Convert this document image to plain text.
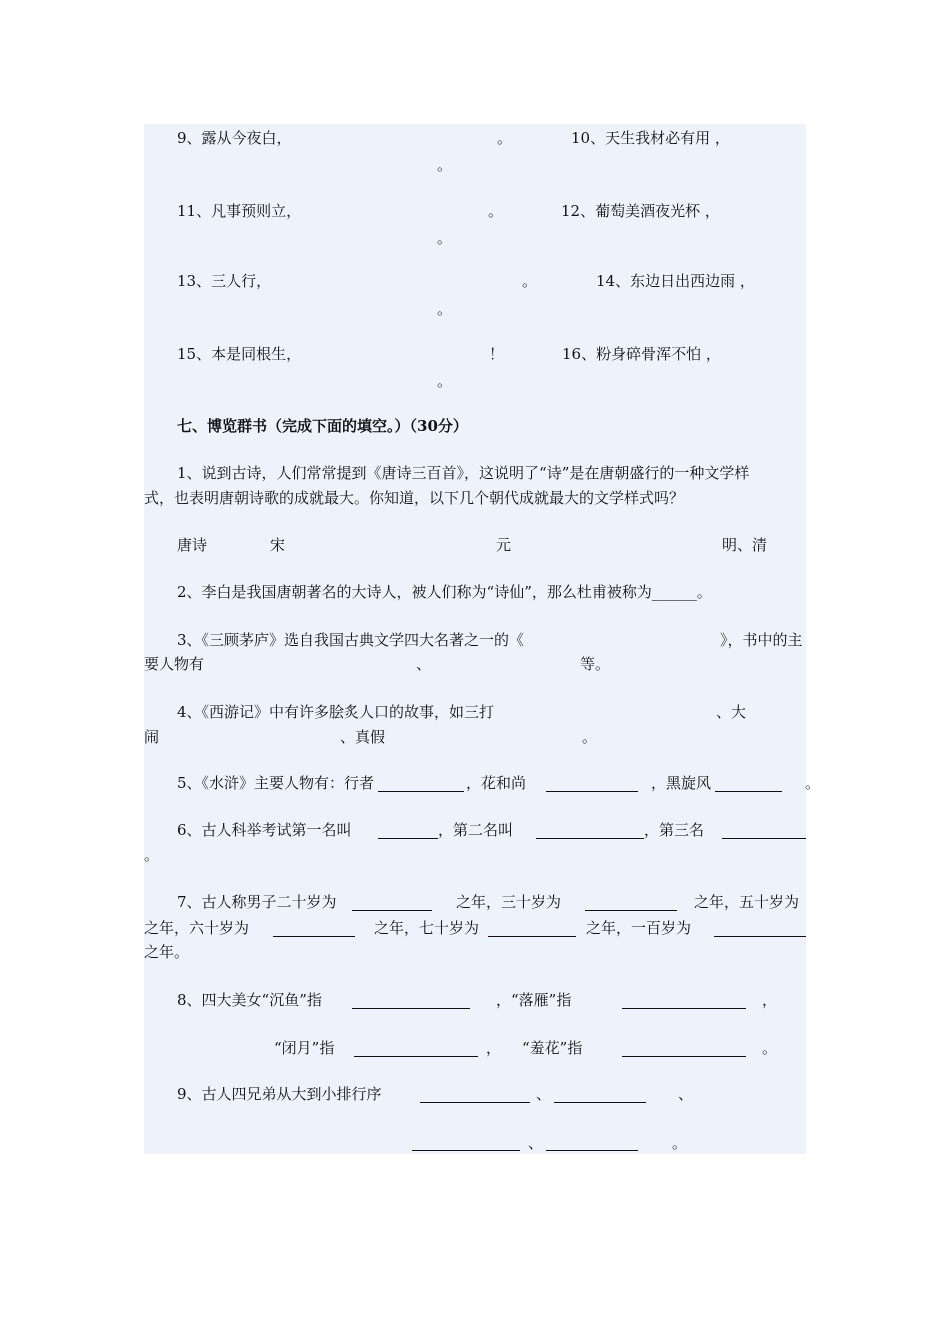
9、露从今夜白，	。	10、天生我材必有用 ，
。
11、凡事预则立，	。	12、葡萄美酒夜光杯 ，
。
13、三人行，	。	14、东边日出西边雨 ，
。
15、本是同根生，	！	16、粉身碎骨浑不怕 ，
。
七、博览群书（完成下面的填空。）（30分）
1、说到古诗，人们常常提到《唐诗三百首》，这说明了“诗”是在唐朝盛行的一种文学样
式，也表明唐朝诗歌的成就最大。你知道，以下几个朝代成就最大的文学样式吗？
唐诗	宋	元	明、清
2、李白是我国唐朝著名的大诗人，被人们称为“诗仙”，那么杜甫被称为______。
3、《三顾茅庐》选自我国古典文学四大名著之一的《	》，书中的主
要人物有	、	等。
4、《西游记》中有许多脍炙人口的故事，如三打	、大
闹	、真假	。
5、《水浒》主要人物有：行者	，花和尚	，黑旋风	。
6、古人科举考试第一名叫	，第二名叫	，第三名
。
7、古人称男子二十岁为	之年，三十岁为	之年，五十岁为
之年，六十岁为	之年，七十岁为	之年，一百岁为
之年。
8、四大美女“沉鱼”指	，“落雁”指	，
“闭月”指	， “羞花”指	。
9、古人四兄弟从大到小排行序	、	、
、	。
